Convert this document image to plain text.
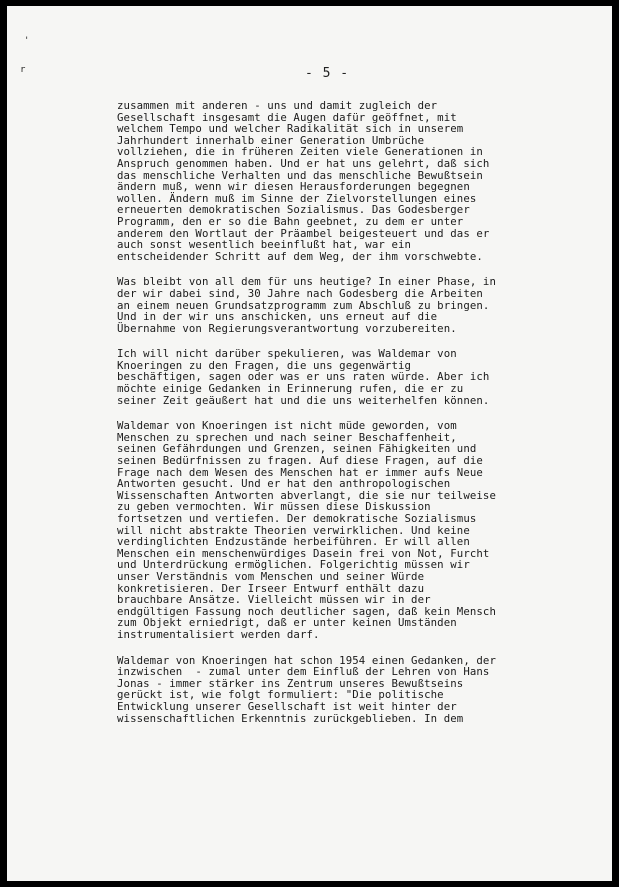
'
r	- 5 -
zusammen mit anderen - uns und damit zugleich der
Gesellschaft insgesamt die Augen dafür geöffnet, mit
welchem Tempo und welcher Radikalität sich in unserem
Jahrhundert innerhalb einer Generation Umbrüche
vollziehen, die in früheren Zeiten viele Generationen in
Anspruch genommen haben. Und er hat uns gelehrt, daß sich
das menschliche Verhalten und das menschliche Bewußtsein
ändern muß, wenn wir diesen Herausforderungen begegnen
wollen. Ändern muß im Sinne der Zielvorstellungen eines
erneuerten demokratischen Sozialismus. Das Godesberger
Programm, den er so die Bahn geebnet, zu dem er unter
anderem den Wortlaut der Präambel beigesteuert und das er
auch sonst wesentlich beeinflußt hat, war ein
entscheidender Schritt auf dem Weg, der ihm vorschwebte.
Was bleibt von all dem für uns heutige? In einer Phase, in
der wir dabei sind, 30 Jahre nach Godesberg die Arbeiten
an einem neuen Grundsatzprogramm zum Abschluß zu bringen.
Und in der wir uns anschicken, uns erneut auf die
Übernahme von Regierungsverantwortung vorzubereiten.
Ich will nicht darüber spekulieren, was Waldemar von
Knoeringen zu den Fragen, die uns gegenwärtig
beschäftigen, sagen oder was er uns raten würde. Aber ich
möchte einige Gedanken in Erinnerung rufen, die er zu
seiner Zeit geäußert hat und die uns weiterhelfen können.
Waldemar von Knoeringen ist nicht müde geworden, vom
Menschen zu sprechen und nach seiner Beschaffenheit,
seinen Gefährdungen und Grenzen, seinen Fähigkeiten und
seinen Bedürfnissen zu fragen. Auf diese Fragen, auf die
Frage nach dem Wesen des Menschen hat er immer aufs Neue
Antworten gesucht. Und er hat den anthropologischen
Wissenschaften Antworten abverlangt, die sie nur teilweise
zu geben vermochten. Wir müssen diese Diskussion
fortsetzen und vertiefen. Der demokratische Sozialismus
will nicht abstrakte Theorien verwirklichen. Und keine
verdinglichten Endzustände herbeiführen. Er will allen
Menschen ein menschenwürdiges Dasein frei von Not, Furcht
und Unterdrückung ermöglichen. Folgerichtig müssen wir
unser Verständnis vom Menschen und seiner Würde
konkretisieren. Der Irseer Entwurf enthält dazu
brauchbare Ansätze. Vielleicht müssen wir in der
endgültigen Fassung noch deutlicher sagen, daß kein Mensch
zum Objekt erniedrigt, daß er unter keinen Umständen
instrumentalisiert werden darf.
Waldemar von Knoeringen hat schon 1954 einen Gedanken, der
inzwischen  - zumal unter dem Einfluß der Lehren von Hans
Jonas - immer stärker ins Zentrum unseres Bewußtseins
gerückt ist, wie folgt formuliert: "Die politische
Entwicklung unserer Gesellschaft ist weit hinter der
wissenschaftlichen Erkenntnis zurückgeblieben. In dem
